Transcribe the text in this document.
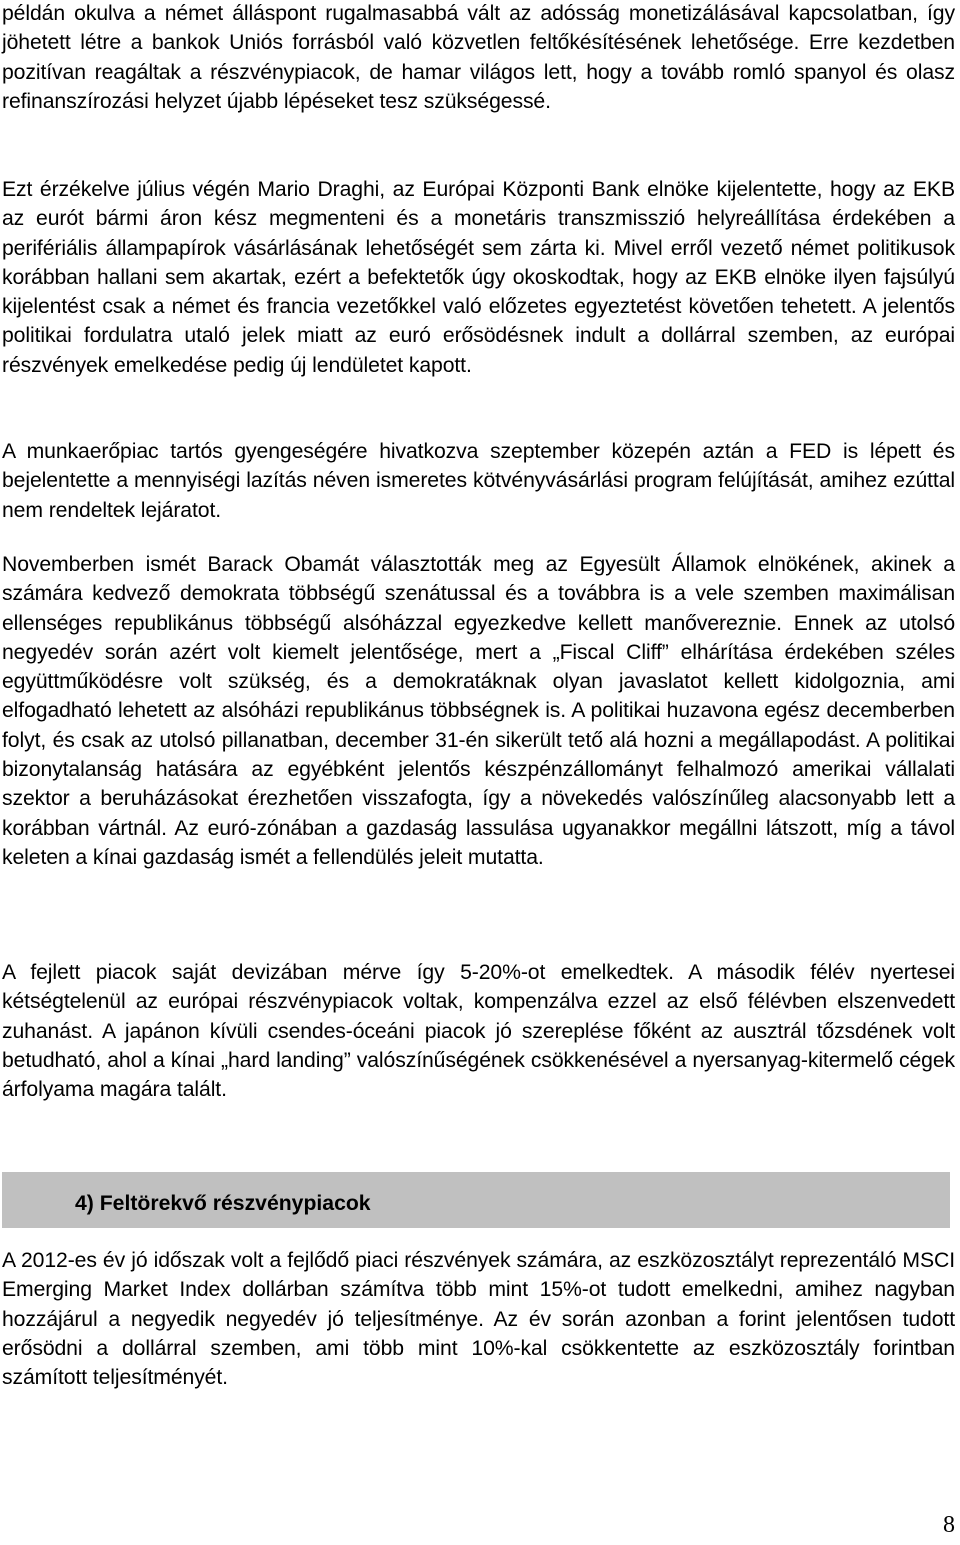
példán okulva a német álláspont rugalmasabbá vált az adósság monetizálásával kapcsolatban, így jöhetett létre a bankok Uniós forrásból való közvetlen feltőkésítésének lehetősége. Erre kezdetben pozitívan reagáltak a részvénypiacok, de hamar világos lett, hogy a tovább romló spanyol és olasz refinanszírozási helyzet újabb lépéseket tesz szükségessé.

Ezt érzékelve július végén Mario Draghi, az Európai Központi Bank elnöke kijelentette, hogy az EKB az eurót bármi áron kész megmenteni és a monetáris transzmisszió helyreállítása érdekében a perifériális állampapírok vásárlásának lehetőségét sem zárta ki. Mivel erről vezető német politikusok korábban hallani sem akartak, ezért a befektetők úgy okoskodtak, hogy az EKB elnöke ilyen fajsúlyú kijelentést csak a német és francia vezetőkkel való előzetes egyeztetést követően tehetett. A jelentős politikai fordulatra utaló jelek miatt az euró erősödésnek indult a dollárral szemben, az európai részvények emelkedése pedig új lendületet kapott.

A munkaerőpiac tartós gyengeségére hivatkozva szeptember közepén aztán a FED is lépett és bejelentette a mennyiségi lazítás néven ismeretes kötvényvásárlási program felújítását, amihez ezúttal nem rendeltek lejáratot.

Novemberben ismét Barack Obamát választották meg az Egyesült Államok elnökének, akinek a számára kedvező demokrata többségű szenátussal és a továbbra is a vele szemben maximálisan ellenséges republikánus többségű alsóházzal egyezkedve kellett manővereznie. Ennek az utolsó negyedév során azért volt kiemelt jelentősége, mert a „Fiscal Cliff” elhárítása érdekében széles együttműködésre volt szükség, és a demokratáknak olyan javaslatot kellett kidolgozniа, ami elfogadható lehetett az alsóházi republikánus többségnek is. A politikai huzavona egész decemberben folyt, és csak az utolsó pillanatban, december 31-én sikerült tető alá hozni a megállapodást. A politikai bizonytalanság hatására az egyébként jelentős készpénzállományt felhalmozó amerikai vállalati szektor a beruházásokat érezhetően visszafogta, így a növekedés valószínűleg alacsonyabb lett a korábban vártnál. Az euró-zónában a gazdaság lassulása ugyanakkor megállni látszott, míg a távol keleten a kínai gazdaság ismét a fellendülés jeleit mutatta.

A fejlett piacok saját devizában mérve így 5-20%-ot emelkedtek. A második félév nyertesei kétségtelenül az európai részvénypiacok voltak, kompenzálva ezzel az első félévben elszenvedett zuhanást. A japánon kívüli csendes-óceáni piacok jó szereplése főként az ausztrál tőzsdének volt betudható, ahol a kínai „hard landing” valószínűségének csökkenésével a nyersanyag-kitermelő cégek árfolyama magára talált.

4) Feltörekvő részvénypiacok

A 2012-es év jó időszak volt a fejlődő piaci részvények számára, az eszközosztályt reprezentáló MSCI Emerging Market Index dollárban számítva több mint 15%-ot tudott emelkedni, amihez nagyban hozzájárul a negyedik negyedév jó teljesítménye. Az év során azonban a forint jelentősen tudott erősödni a dollárral szemben, ami több mint 10%-kal csökkentette az eszközosztály forintban számított teljesítményét.

8
